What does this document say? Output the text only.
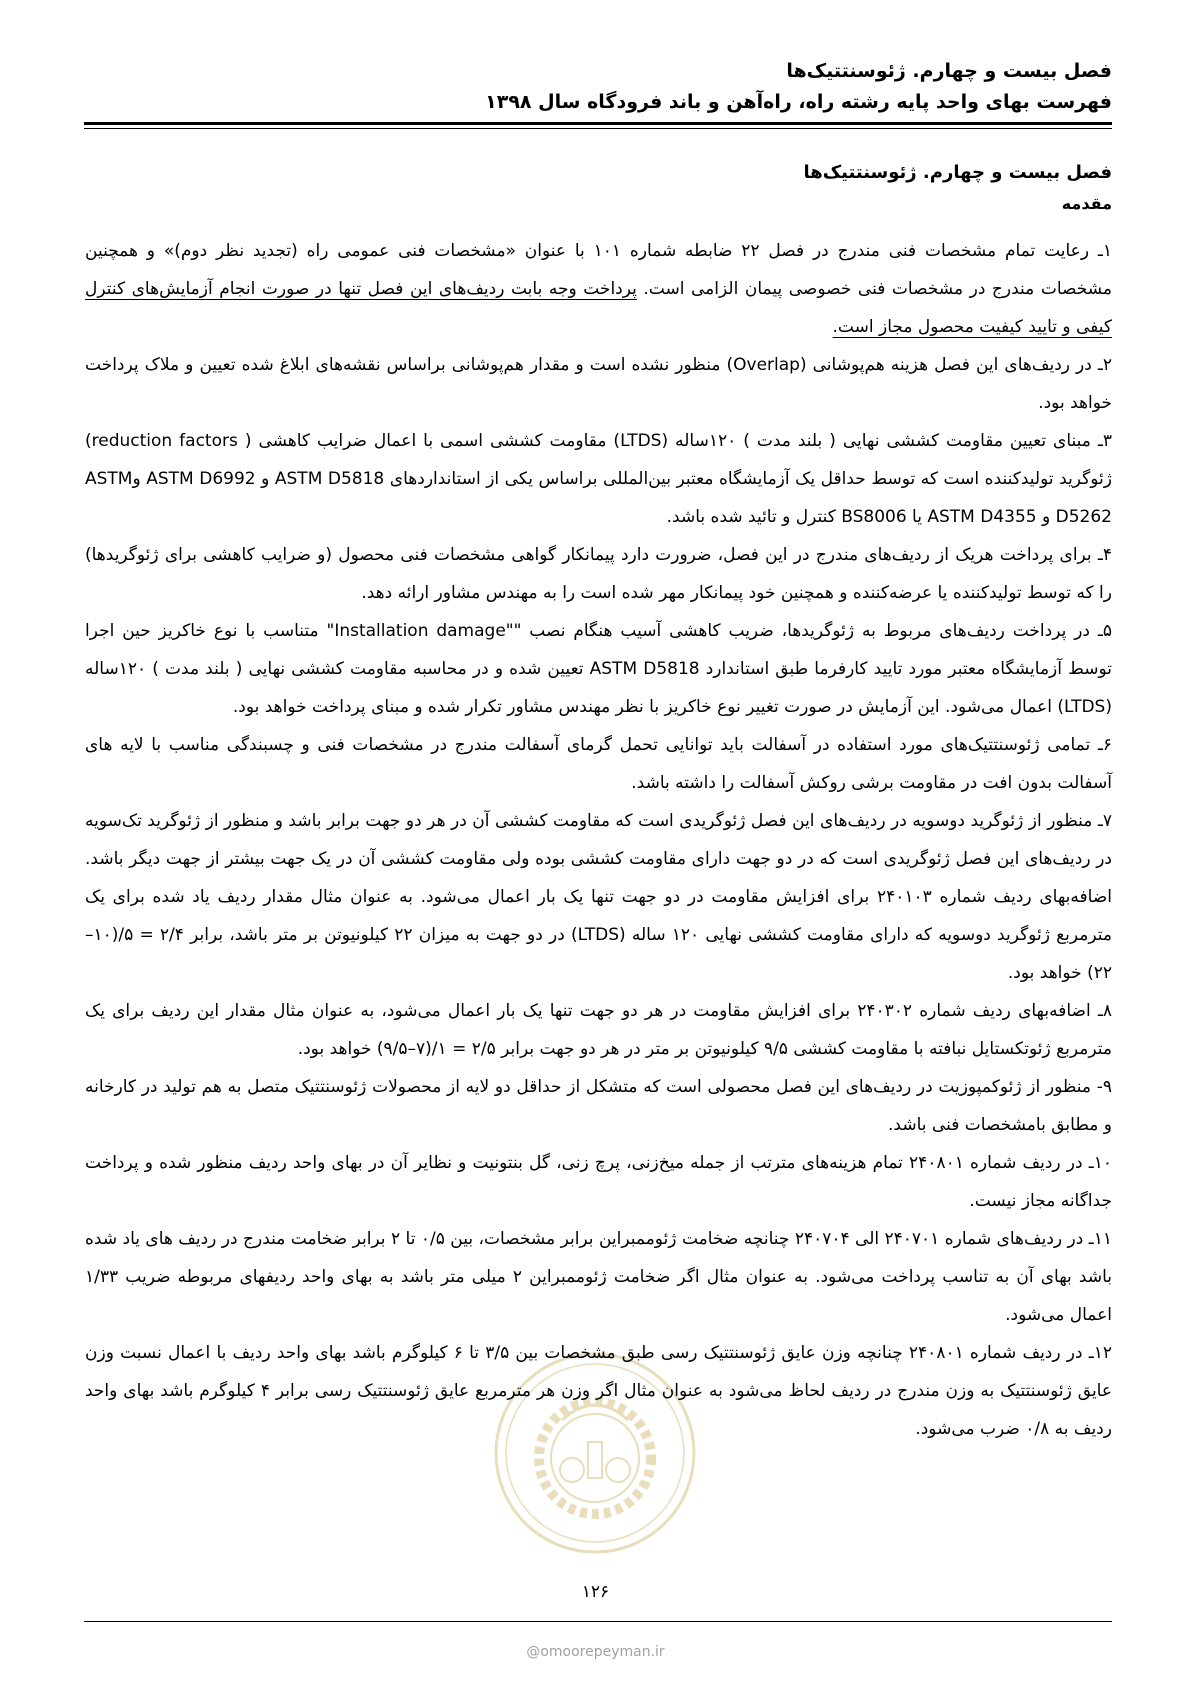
فصل بیست و چهارم. ژئوسنتتیک‌ها
فهرست بهای واحد پایه رشته راه، راه‌آهن و باند فرودگاه سال ۱۳۹۸
فصل بیست و چهارم. ژئوسنتتیک‌ها
مقدمه

۱ـ رعایت تمام مشخصات فنی مندرج در فصل ۲۲ ضابطه شماره ۱۰۱ با عنوان «مشخصات فنی عمومی راه (تجدید نظر دوم)» و همچنین مشخصات مندرج در مشخصات فنی خصوصی پیمان الزامی است. پرداخت وجه بابت ردیف‌های این فصل تنها در صورت انجام آزمایش‌های کنترل کیفی و تایید کیفیت محصول مجاز است.

۲ـ در ردیف‌های این فصل هزینه هم‌پوشانی (Overlap) منظور نشده است و مقدار هم‌پوشانی براساس نقشه‌های ابلاغ شده تعیین و ملاک پرداخت خواهد بود.

۳ـ مبنای تعیین مقاومت کششی نهایی ( بلند مدت ) ۱۲۰ساله (LTDS) مقاومت کششی اسمی با اعمال ضرایب کاهشی ( reduction factors) ژئوگرید تولیدکننده است که توسط حداقل یک آزمایشگاه معتبر بین‌المللی براساس یکی از استانداردهای ASTM D5818 و ASTM D6992 وASTM D5262 و ASTM D4355 یا BS8006 کنترل و تائید شده باشد.

۴ـ برای پرداخت هریک از ردیف‌های مندرج در این فصل، ضرورت دارد پیمانکار گواهی مشخصات فنی محصول (و ضرایب کاهشی برای ژئوگریدها) را که توسط تولیدکننده یا عرضه‌کننده و همچنین خود پیمانکار مهر شده است را به مهندس مشاور ارائه دهد.

۵ـ در پرداخت ردیف‌های مربوط به ژئوگریدها، ضریب کاهشی آسیب هنگام نصب ""Installation damage" متناسب با نوع خاکریز حین اجرا توسط آزمایشگاه معتبر مورد تایید کارفرما طبق استاندارد ASTM D5818 تعیین شده و در محاسبه مقاومت کششی نهایی ( بلند مدت ) ۱۲۰ساله (LTDS) اعمال می‌شود. این آزمایش در صورت تغییر نوع خاکریز با نظر مهندس مشاور تکرار شده و مبنای پرداخت خواهد بود.

۶ـ تمامی ژئوسنتتیک‌های مورد استفاده در آسفالت باید توانایی تحمل گرمای آسفالت مندرج در مشخصات فنی و چسبندگی مناسب با لایه های آسفالت بدون افت در مقاومت برشی روکش آسفالت را داشته باشد.

۷ـ منظور از ژئوگرید دوسویه در ردیف‌های این فصل ژئوگریدی است که مقاومت کششی آن در هر دو جهت برابر باشد و منظور از ژئوگرید تک‌سویه در ردیف‌های این فصل ژئوگریدی است که در دو جهت دارای مقاومت کششی بوده ولی مقاومت کششی آن در یک جهت بیشتر از جهت دیگر باشد. اضافه‌بهای ردیف شماره ۲۴۰۱۰۳ برای افزایش مقاومت در دو جهت تنها یک بار اعمال می‌شود. به عنوان مثال مقدار ردیف یاد شده برای یک مترمربع ژئوگرید دوسویه که دارای مقاومت کششی نهایی ۱۲۰ ساله (LTDS) در دو جهت به میزان ۲۲ کیلونیوتن بر متر باشد، برابر ۲/۴ = ۵/(۱۰–۲۲) خواهد بود.

۸ـ اضافه‌بهای ردیف شماره ۲۴۰۳۰۲ برای افزایش مقاومت در هر دو جهت تنها یک بار اعمال می‌شود، به عنوان مثال مقدار این ردیف برای یک مترمربع ژئوتکستایل نبافته با مقاومت کششی ۹/۵ کیلونیوتن بر متر در هر دو جهت برابر ۲/۵ = ۱/(۷–۹/۵) خواهد بود.

۹- منظور از ژئوکمپوزیت در ردیف‌های این فصل محصولی است که متشکل از حداقل دو لایه از محصولات ژئوسنتتیک متصل به هم تولید در کارخانه و مطابق بامشخصات فنی باشد.

۱۰ـ در ردیف شماره ۲۴۰۸۰۱ تمام هزینه‌های مترتب از جمله میخ‌زنی، پرچ زنی، گل بنتونیت و نظایر آن در بهای واحد ردیف منظور شده و پرداخت جداگانه مجاز نیست.

۱۱ـ در ردیف‌های شماره ۲۴۰۷۰۱ الی ۲۴۰۷۰۴ چنانچه ضخامت ژئوممبراین برابر مشخصات، بین ۰/۵ تا ۲ برابر ضخامت مندرج در ردیف های یاد شده باشد بهای آن به تناسب پرداخت می‌شود. به عنوان مثال اگر ضخامت ژئوممبراین ۲ میلی متر باشد به بهای واحد ردیفهای مربوطه ضریب ۱/۳۳ اعمال می‌شود.

۱۲ـ در ردیف شماره ۲۴۰۸۰۱ چنانچه وزن عایق ژئوسنتتیک رسی طبق مشخصات بین ۳/۵ تا ۶ کیلوگرم باشد بهای واحد ردیف با اعمال نسبت وزن عایق ژئوسنتتیک به وزن مندرج در ردیف لحاظ می‌شود به عنوان مثال اگر وزن هر مترمربع عایق ژئوسنتتیک رسی برابر ۴ کیلوگرم باشد بهای واحد ردیف به ۰/۸ ضرب می‌شود.

۱۲۶
@omoorepeyman.ir
